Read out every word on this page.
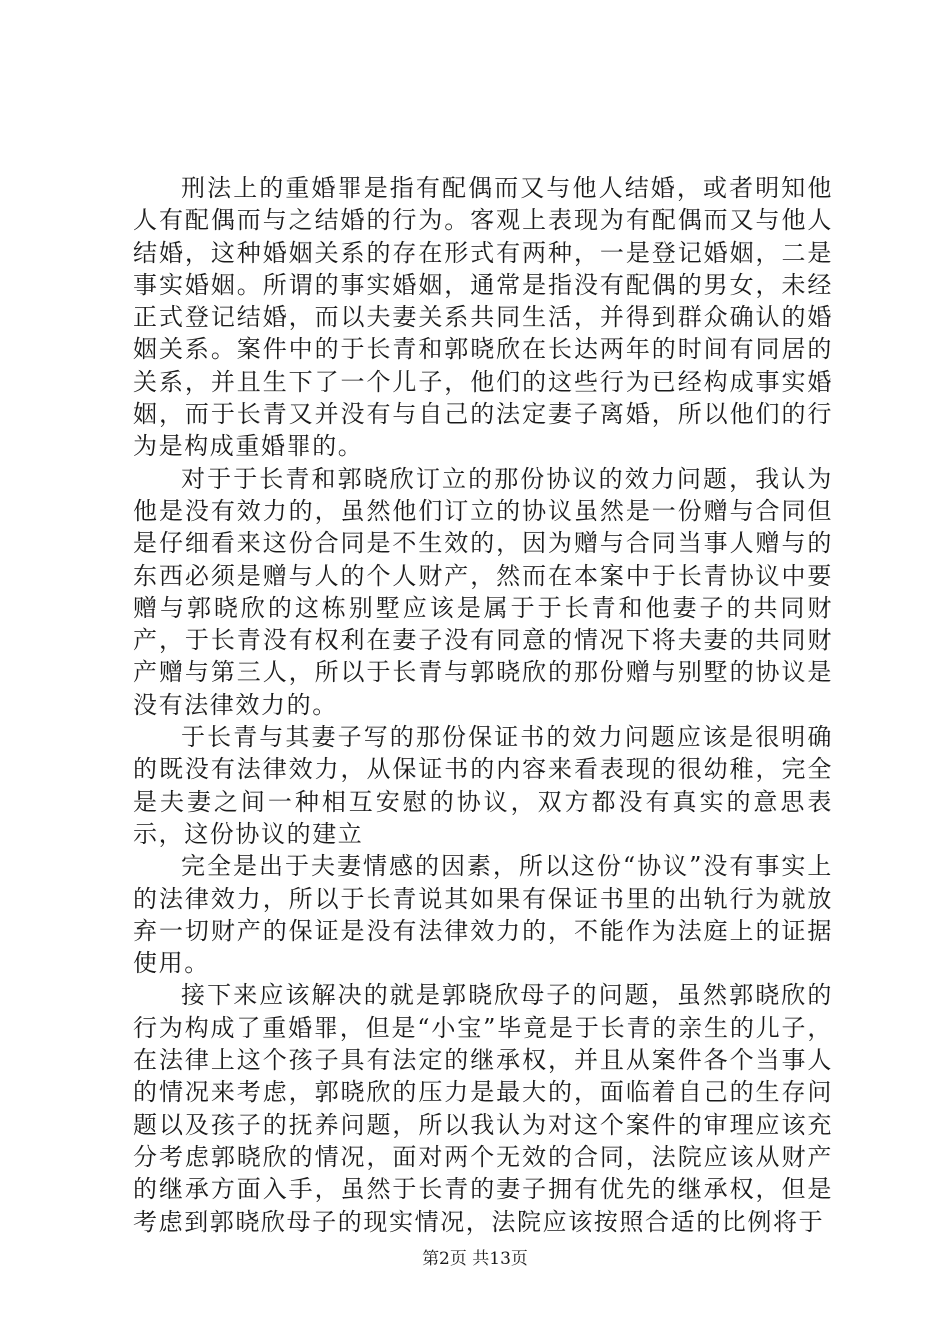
刑法上的重婚罪是指有配偶而又与他人结婚，或者明知他人有配偶而与之结婚的行为。客观上表现为有配偶而又与他人结婚，这种婚姻关系的存在形式有两种，一是登记婚姻，二是事实婚姻。所谓的事实婚姻，通常是指没有配偶的男女，未经正式登记结婚，而以夫妻关系共同生活，并得到群众确认的婚姻关系。案件中的于长青和郭晓欣在长达两年的时间有同居的关系，并且生下了一个儿子，他们的这些行为已经构成事实婚姻，而于长青又并没有与自己的法定妻子离婚，所以他们的行为是构成重婚罪的。

对于于长青和郭晓欣订立的那份协议的效力问题，我认为他是没有效力的，虽然他们订立的协议虽然是一份赠与合同但是仔细看来这份合同是不生效的，因为赠与合同当事人赠与的东西必须是赠与人的个人财产，然而在本案中于长青协议中要赠与郭晓欣的这栋别墅应该是属于于长青和他妻子的共同财产，于长青没有权利在妻子没有同意的情况下将夫妻的共同财产赠与第三人，所以于长青与郭晓欣的那份赠与别墅的协议是没有法律效力的。

于长青与其妻子写的那份保证书的效力问题应该是很明确的既没有法律效力，从保证书的内容来看表现的很幼稚，完全是夫妻之间一种相互安慰的协议，双方都没有真实的意思表示，这份协议的建立

完全是出于夫妻情感的因素，所以这份“协议”没有事实上的法律效力，所以于长青说其如果有保证书里的出轨行为就放弃一切财产的保证是没有法律效力的，不能作为法庭上的证据使用。

接下来应该解决的就是郭晓欣母子的问题，虽然郭晓欣的行为构成了重婚罪，但是“小宝”毕竟是于长青的亲生的儿子，在法律上这个孩子具有法定的继承权，并且从案件各个当事人的情况来考虑，郭晓欣的压力是最大的，面临着自己的生存问题以及孩子的抚养问题，所以我认为对这个案件的审理应该充分考虑郭晓欣的情况，面对两个无效的合同，法院应该从财产的继承方面入手，虽然于长青的妻子拥有优先的继承权，但是考虑到郭晓欣母子的现实情况，法院应该按照合适的比例将于

第2页 共13页
